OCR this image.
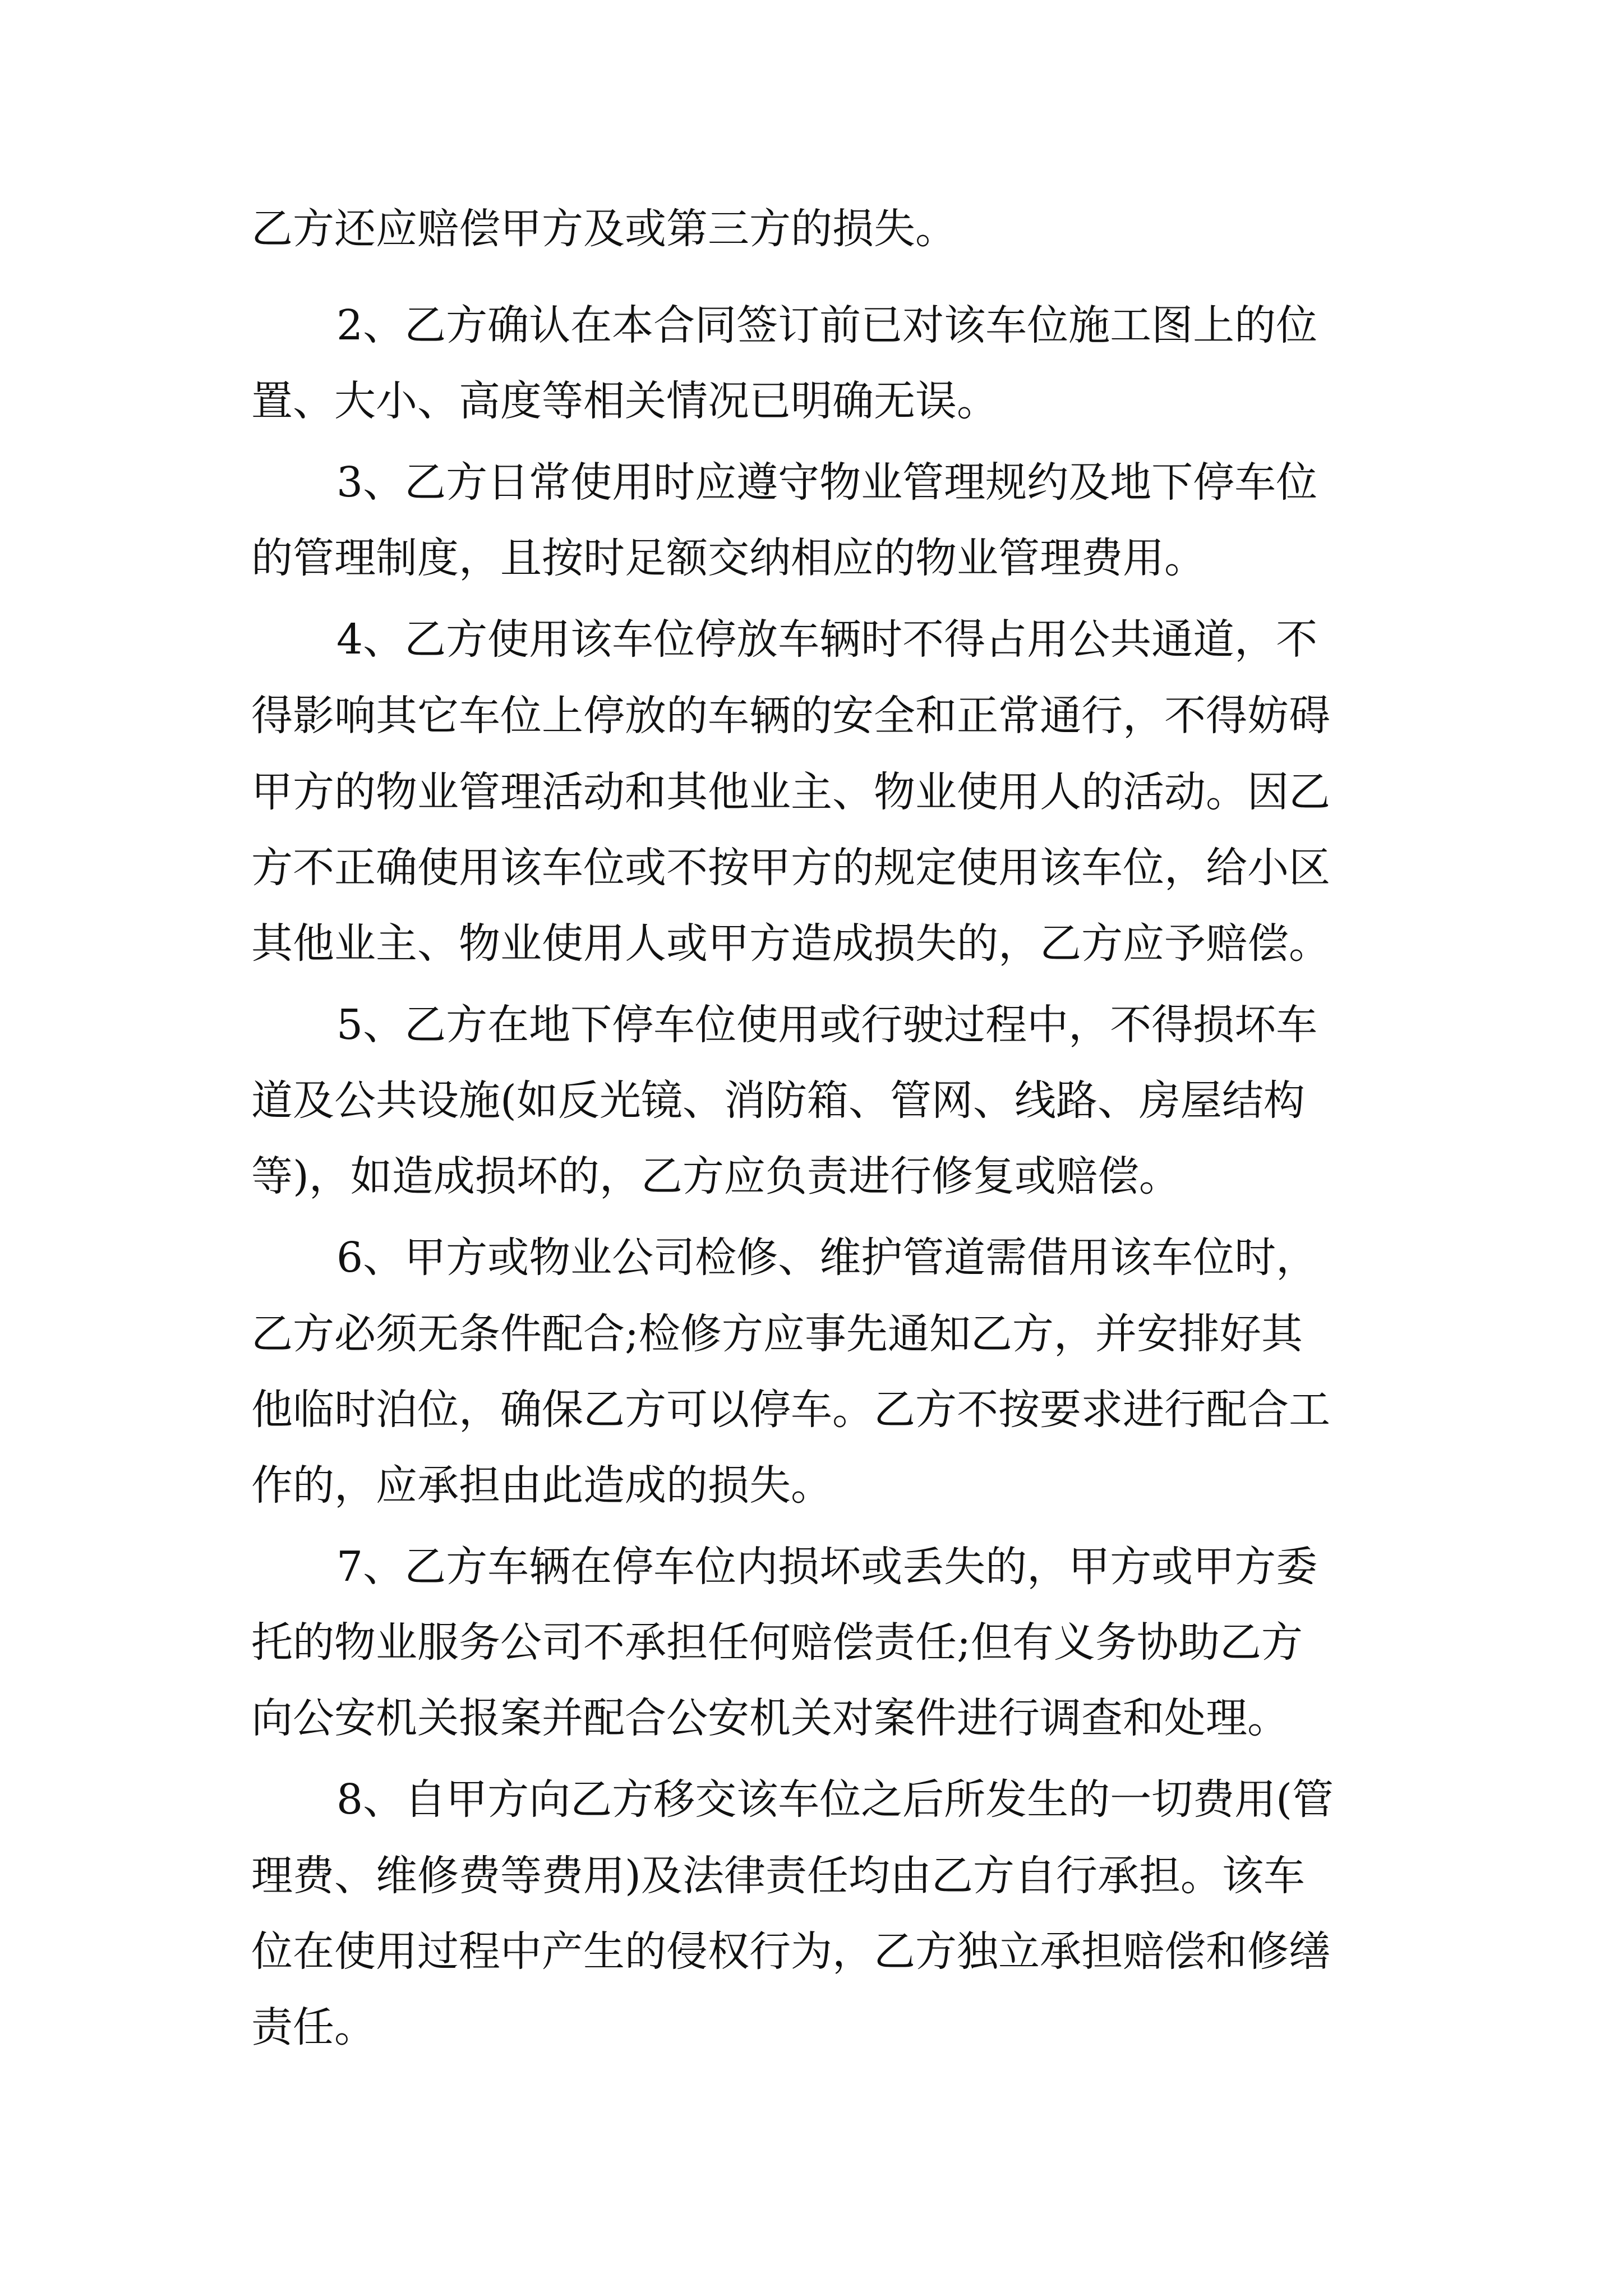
乙方还应赔偿甲方及或第三方的损失。

2、乙方确认在本合同签订前已对该车位施工图上的位

置、大小、高度等相关情况已明确无误。

3、乙方日常使用时应遵守物业管理规约及地下停车位

的管理制度，且按时足额交纳相应的物业管理费用。

4、乙方使用该车位停放车辆时不得占用公共通道，不

得影响其它车位上停放的车辆的安全和正常通行，不得妨碍

甲方的物业管理活动和其他业主、物业使用人的活动。因乙

方不正确使用该车位或不按甲方的规定使用该车位，给小区

其他业主、物业使用人或甲方造成损失的，乙方应予赔偿。

5、乙方在地下停车位使用或行驶过程中，不得损坏车

道及公共设施(如反光镜、消防箱、管网、线路、房屋结构

等)，如造成损坏的，乙方应负责进行修复或赔偿。

6、甲方或物业公司检修、维护管道需借用该车位时，

乙方必须无条件配合;检修方应事先通知乙方，并安排好其

他临时泊位，确保乙方可以停车。乙方不按要求进行配合工

作的，应承担由此造成的损失。

7、乙方车辆在停车位内损坏或丢失的，甲方或甲方委

托的物业服务公司不承担任何赔偿责任;但有义务协助乙方

向公安机关报案并配合公安机关对案件进行调查和处理。

8、自甲方向乙方移交该车位之后所发生的一切费用(管

理费、维修费等费用)及法律责任均由乙方自行承担。该车

位在使用过程中产生的侵权行为，乙方独立承担赔偿和修缮

责任。
